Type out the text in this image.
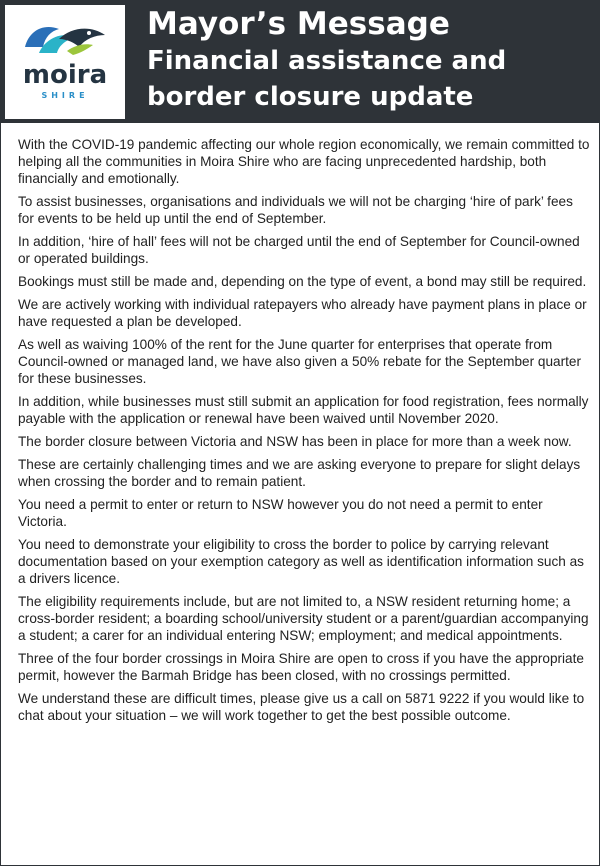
moira
SHIRE
Mayor’s Message
Financial assistance and
border closure update

With the COVID-19 pandemic affecting our whole region economically, we remain committed to helping all the communities in Moira Shire who are facing unprecedented hardship, both financially and emotionally.

To assist businesses, organisations and individuals we will not be charging ‘hire of park’ fees for events to be held up until the end of September.

In addition, ‘hire of hall’ fees will not be charged until the end of September for Council-owned or operated buildings.

Bookings must still be made and, depending on the type of event, a bond may still be required.

We are actively working with individual ratepayers who already have payment plans in place or have requested a plan be developed.

As well as waiving 100% of the rent for the June quarter for enterprises that operate from Council-owned or managed land, we have also given a 50% rebate for the September quarter for these businesses.

In addition, while businesses must still submit an application for food registration, fees normally payable with the application or renewal have been waived until November 2020.

The border closure between Victoria and NSW has been in place for more than a week now.

These are certainly challenging times and we are asking everyone to prepare for slight delays when crossing the border and to remain patient.

You need a permit to enter or return to NSW however you do not need a permit to enter Victoria.

You need to demonstrate your eligibility to cross the border to police by carrying relevant documentation based on your exemption category as well as identification information such as a drivers licence.

The eligibility requirements include, but are not limited to, a NSW resident returning home; a cross-border resident; a boarding school/university student or a parent/guardian accompanying a student; a carer for an individual entering NSW; employment; and medical appointments.

Three of the four border crossings in Moira Shire are open to cross if you have the appropriate permit, however the Barmah Bridge has been closed, with no crossings permitted.

We understand these are difficult times, please give us a call on 5871 9222 if you would like to chat about your situation – we will work together to get the best possible outcome.
